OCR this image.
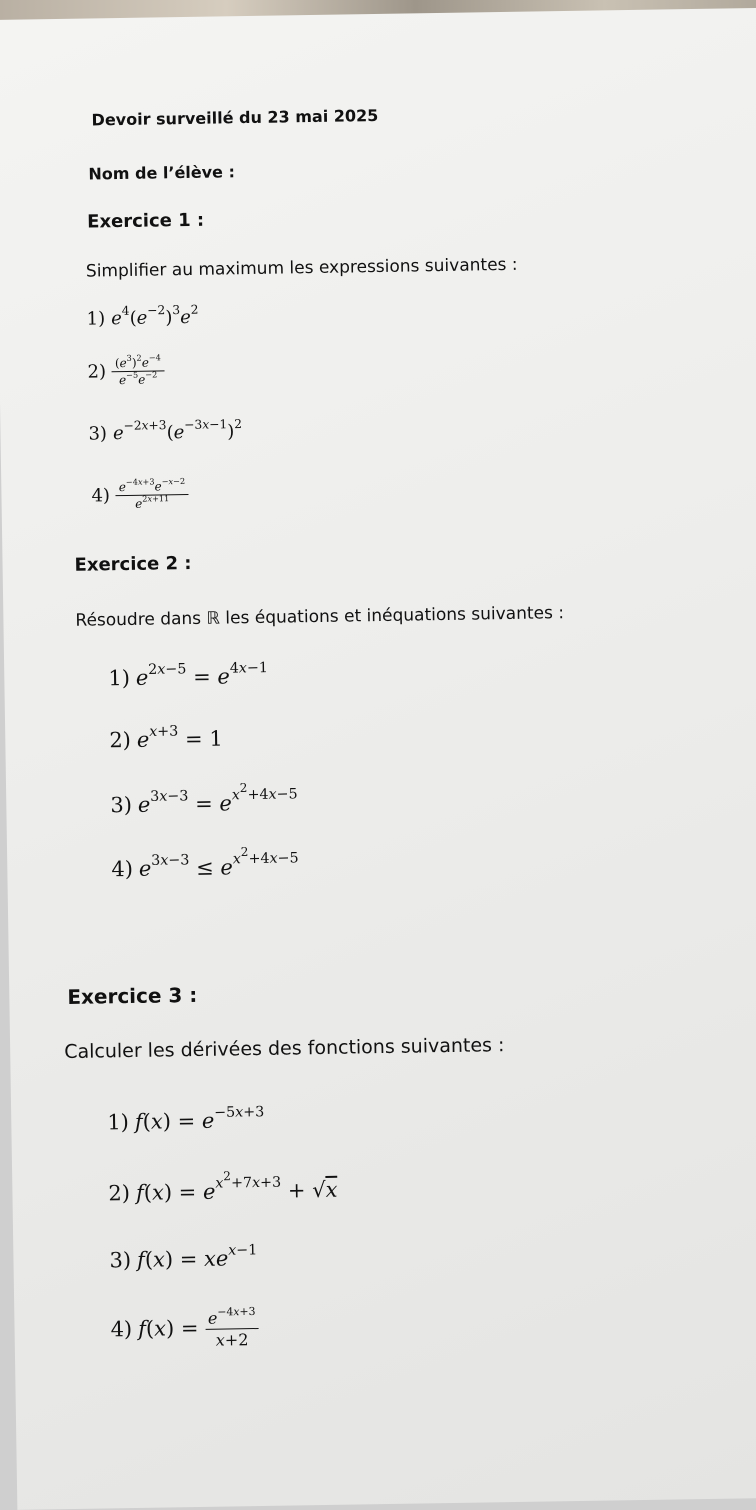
Devoir surveillé du 23 mai 2025
Nom de l’élève :
Exercice 1 :
Simplifier au maximum les expressions suivantes :
1) $e^4(e^{-2})^3e^2$
$2) \frac{(e^3)^2e^{-4}}{e^{-5}e^{-2}}$
3) $e^{-2x+3}(e^{-3x-1})^2$
$4) \frac{e^{-4x+3}e^{-x-2}}{e^{2x+11}}$
Exercice 2 :
Résoudre dans ℝ les équations et inéquations suivantes :
1) $e^{2x-5} = e^{4x-1}$
2) $e^{x+3} = 1$
3) $e^{3x-3} = e^{x^2+4x-5}$
4) $e^{3x-3} \le e^{x^2+4x-5}$
Exercice 3 :
Calculer les dérivées des fonctions suivantes :
1) $f(x) = e^{-5x+3}$
2) $f(x) = e^{x^2+7x+3} + √x$
3) $f(x) = xe^{x-1}$
4) $f(x) = \frac{e^{-4x+3}}{x+2}$
